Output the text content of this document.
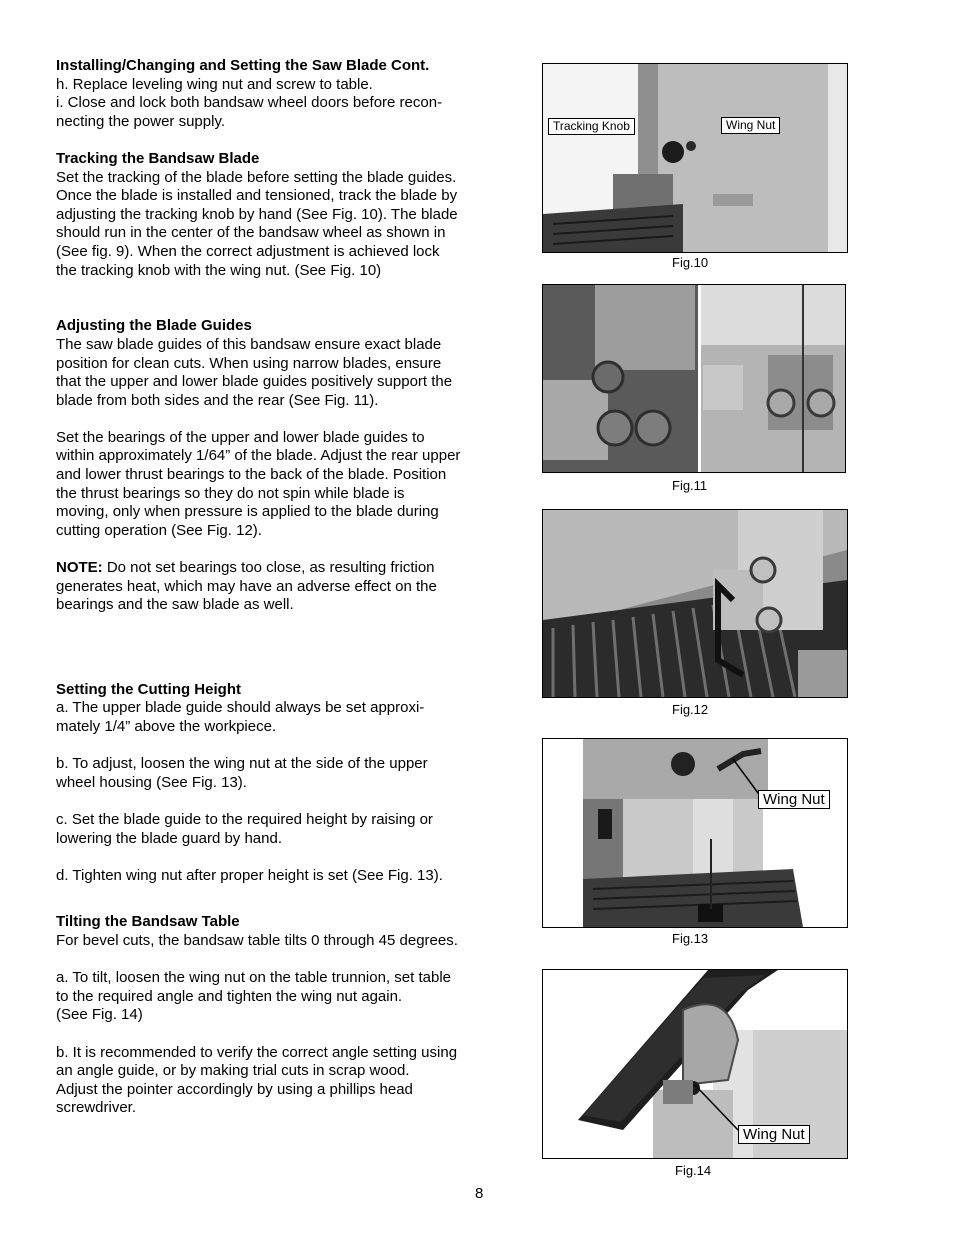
Installing/Changing and Setting the Saw Blade Cont.

h. Replace leveling wing nut and screw to table.

i. Close and lock both bandsaw wheel doors before recon-

necting the power supply.

Tracking the Bandsaw Blade

Set the tracking of the blade before setting the blade guides.

Once the blade is installed and tensioned, track the blade by

adjusting the tracking knob by hand (See Fig. 10). The blade

should run in the center of the bandsaw wheel as shown in

(See fig. 9). When the correct adjustment is achieved lock

the tracking knob with the wing nut. (See Fig. 10)

Adjusting the Blade Guides

The saw blade guides of this bandsaw ensure exact blade

position for clean cuts. When using narrow blades, ensure

that the upper and lower blade guides positively support the

blade from both sides and the rear (See Fig. 11).

Set the bearings of the upper and lower blade guides to

within approximately 1/64” of the blade. Adjust the rear upper

and lower thrust bearings to the back of the blade. Position

the thrust bearings so they do not spin while blade is

moving, only when pressure is applied to the blade during

cutting operation (See Fig. 12).

NOTE: Do not set bearings too close, as resulting friction

generates heat, which may have an adverse effect on the

bearings and the saw blade as well.

Setting the Cutting Height

a. The upper blade guide should always be set approxi-

mately 1/4” above the workpiece.

b. To adjust, loosen the wing nut at the side of the upper

wheel housing (See Fig. 13).

c. Set the blade guide to the required height by raising or

lowering the blade guard by hand.

d. Tighten wing nut after proper height is set (See Fig. 13).

Tilting the Bandsaw Table

For bevel cuts, the bandsaw table tilts 0 through 45 degrees.

a. To tilt, loosen the wing nut on the table trunnion, set table

to the required angle and tighten the wing nut again.

(See Fig. 14)

b. It is recommended to verify the correct angle setting using

an angle guide, or by making trial cuts in scrap wood.

Adjust the pointer accordingly by using a phillips head

screwdriver.

Tracking Knob	Wing Nut
Fig.10
Fig.11
Fig.12
Wing Nut
Fig.13
Wing Nut
Fig.14
8
